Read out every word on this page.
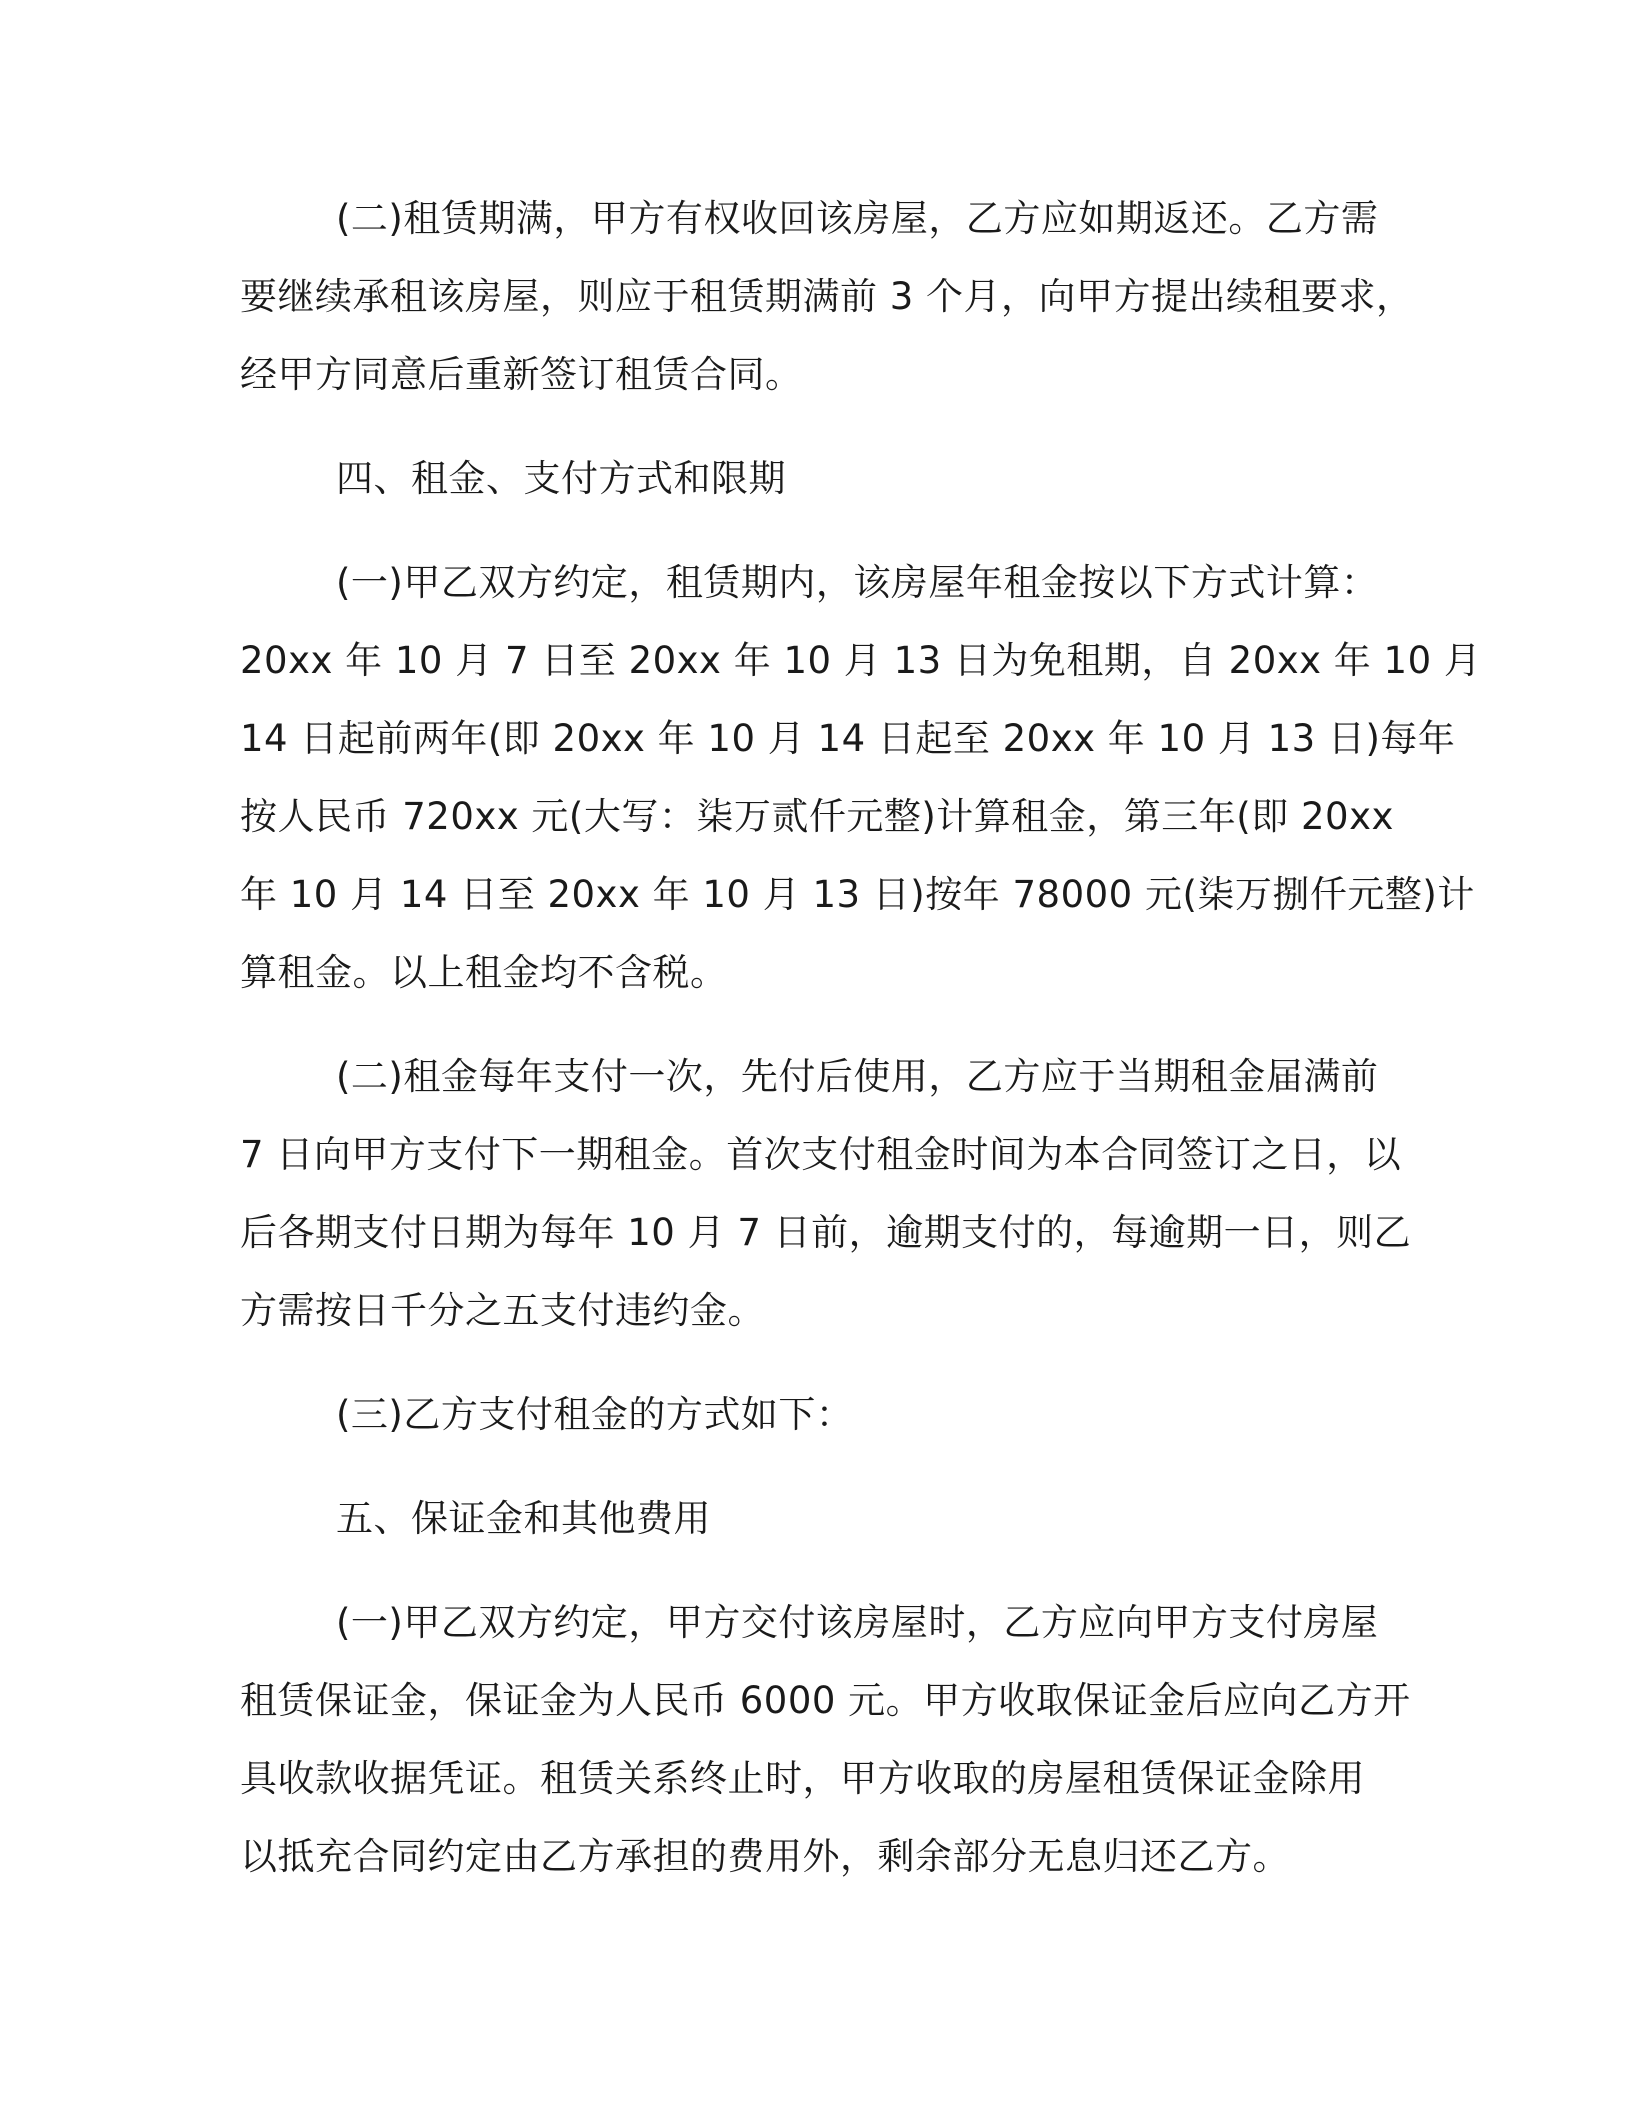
(二)租赁期满，甲方有权收回该房屋，乙方应如期返还。乙方需
要继续承租该房屋，则应于租赁期满前 3 个月，向甲方提出续租要求，
经甲方同意后重新签订租赁合同。
四、租金、支付方式和限期
(一)甲乙双方约定，租赁期内，该房屋年租金按以下方式计算：
20xx 年 10 月 7 日至 20xx 年 10 月 13 日为免租期，自 20xx 年 10 月
14 日起前两年(即 20xx 年 10 月 14 日起至 20xx 年 10 月 13 日)每年
按人民币 720xx 元(大写：柒万贰仟元整)计算租金，第三年(即 20xx
年 10 月 14 日至 20xx 年 10 月 13 日)按年 78000 元(柒万捌仟元整)计
算租金。以上租金均不含税。
(二)租金每年支付一次，先付后使用，乙方应于当期租金届满前
7 日向甲方支付下一期租金。首次支付租金时间为本合同签订之日，以
后各期支付日期为每年 10 月 7 日前，逾期支付的，每逾期一日，则乙
方需按日千分之五支付违约金。
(三)乙方支付租金的方式如下：
五、保证金和其他费用
(一)甲乙双方约定，甲方交付该房屋时，乙方应向甲方支付房屋
租赁保证金，保证金为人民币 6000 元。甲方收取保证金后应向乙方开
具收款收据凭证。租赁关系终止时，甲方收取的房屋租赁保证金除用
以抵充合同约定由乙方承担的费用外，剩余部分无息归还乙方。
